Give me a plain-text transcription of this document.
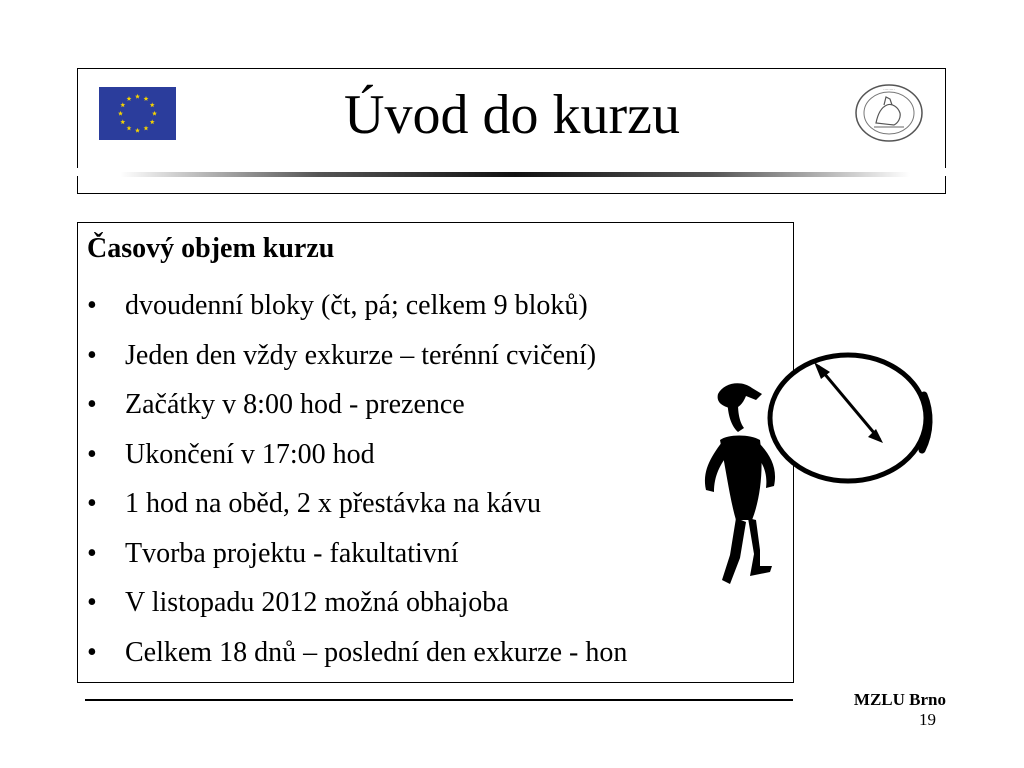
Úvod do kurzu	·········
Časový objem kurzu
• dvoudenní bloky (čt, pá; celkem 9 bloků)
• Jeden den vždy exkurze – terénní cvičení)
• Začátky v 8:00 hod - prezence
• Ukončení v 17:00 hod
• 1 hod na oběd, 2 x přestávka na kávu
• Tvorba projektu - fakultativní
• V listopadu 2012 možná obhajoba
• Celkem 18 dnů – poslední den exkurze - hon
MZLU Brno
19
